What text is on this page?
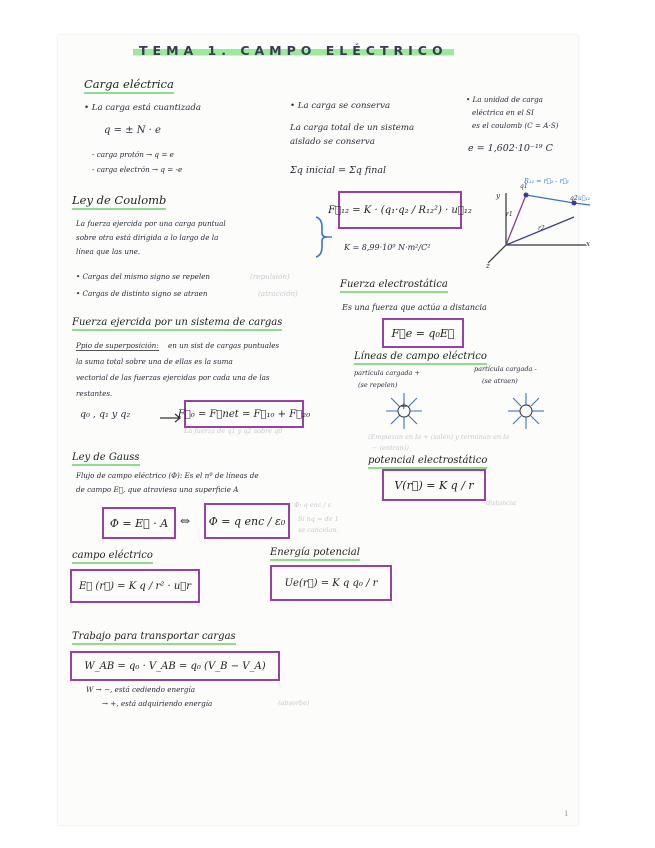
TEMA 1. CAMPO ELÉCTRICO
Carga eléctrica
• La carga está cuantizada
q = ± N · e
- carga protón → q = e
- carga electrón → q = -e
• La carga se conserva
La carga total de un sistema
aislado se conserva
Σq inicial = Σq final
• La unidad de carga
eléctrica en el SI
es el coulomb (C = A·S)
e = 1,602·10⁻¹⁹ C
Ley de Coulomb
La fuerza ejercida por una carga puntual
sobre otra está dirigida a lo largo de la
línea que las une.
F⃗₁₂ = K · (q₁·q₂ / R₁₂²) · u⃗₁₂
K = 8,99·10⁹ N·m²/C²
• Cargas del mismo signo se repelen	(repulsión)
• Cargas de distinto signo se atraen	(atracción)
y
x
z
q1
q2
r1
r2
R₁₂ = r⃗₂ - r⃗₁
u⃗₁₂
Fuerza electrostática
Es una fuerza que actúa a distancia
F⃗e = q₀E⃗
Fuerza ejercida por un sistema de cargas
Ppio de superposición: en un sist de cargas puntuales
la suma total sobre una de ellas es la suma
vectorial de las fuerzas ejercidas por cada una de las
restantes.
q₀ , q₁ y q₂	F⃗₀ = F⃗net = F⃗₁₀ + F⃗₂₀
La fuerza de q1 y q2 sobre q0
Líneas de campo eléctrico
partícula cargada +
(se repelen)
partícula cargada -
(se atraen)
+	−
(Empiezan en la + (salen) y terminan en la
− (entran))
Ley de Gauss
Flujo de campo eléctrico (Φ): Es el nº de líneas de
de campo E⃗, que atraviesa una superficie A
Φ = E⃗ · A ⇔	Φ = q enc / ε₀
Φ: q enc / ε
Si nq = de 1
se cancelan.
potencial electrostático
V(r⃗) = K q / r
distancia
campo eléctrico
E⃗ (r⃗) = K q / r² · u⃗r
Energía potencial
Ue(r⃗) = K q q₀ / r
Trabajo para transportar cargas
W_AB = q₀ · V_AB = q₀ (V_B − V_A)
W → −, está cediendo energía
→ +, está adquiriendo energía	(absorbe)
1
